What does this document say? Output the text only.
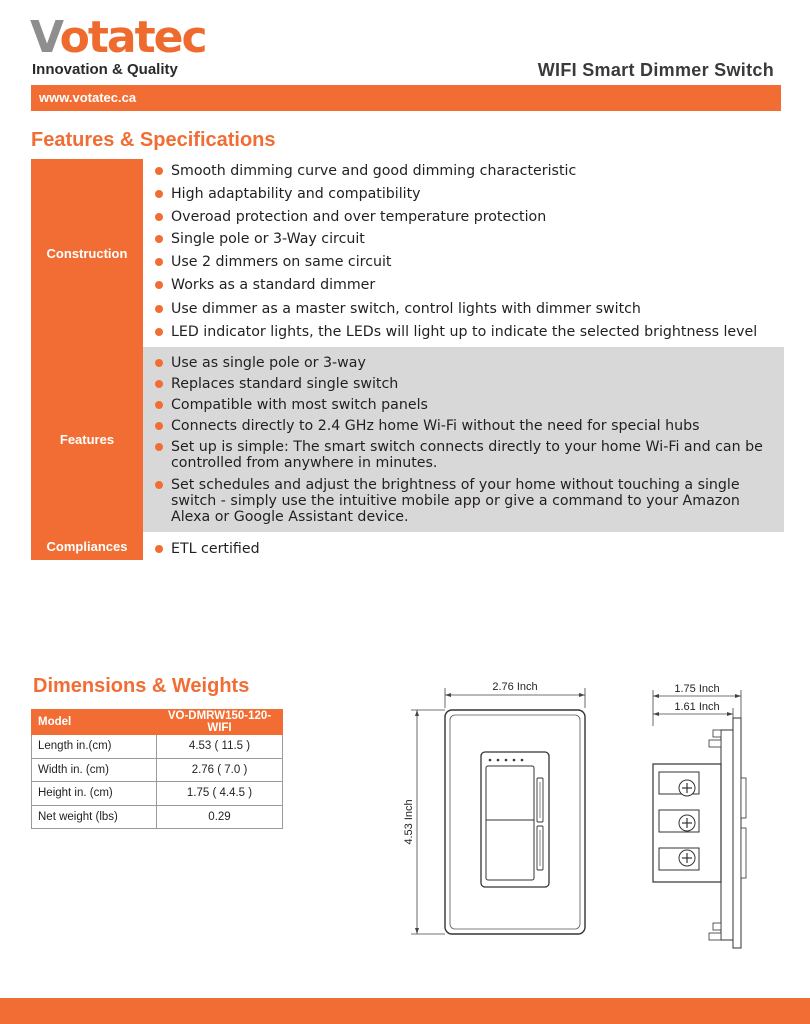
Votatec
Innovation & Quality	WIFI Smart Dimmer Switch
www.votatec.ca
Features & Specifications
Construction
Smooth dimming curve and good dimming characteristic
High adaptability and compatibility
Overoad protection and over temperature protection
Single pole or 3-Way circuit
Use 2 dimmers on same circuit
Works as a standard dimmer
Use dimmer as a master switch, control lights with dimmer switch
LED indicator lights, the LEDs will light up to indicate the selected brightness level
Features
Use as single pole or 3-way
Replaces standard single switch
Compatible with most switch panels
Connects directly to 2.4 GHz home Wi-Fi without the need for special hubs
Set up is simple: The smart switch connects directly to your home Wi-Fi and can be controlled from anywhere in minutes.
Set schedules and adjust the brightness of your home without touching a single switch - simply use the intuitive mobile app or give a command to your Amazon Alexa or Google Assistant device.
Compliances	ETL certified
Dimensions & Weights
Model	VO-DMRW150-120-WIFI
Length in.(cm)	4.53 ( 11.5 )
Width in. (cm)	2.76 ( 7.0 )
Height in. (cm)	1.75 ( 4.4.5 )
Net weight (lbs)	0.29
2.76 Inch
4.53 Inch
1.75 Inch
1.61 Inch
